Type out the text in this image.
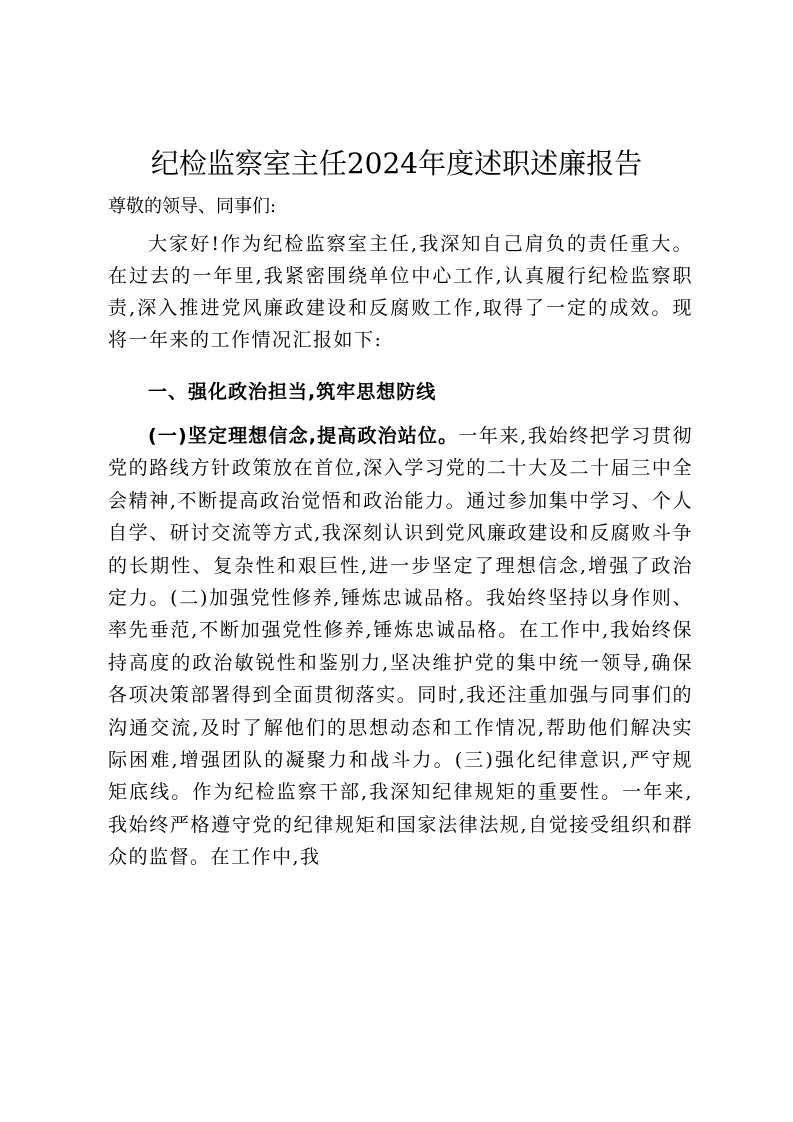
纪检监察室主任2024年度述职述廉报告

尊敬的领导、同事们:

大家好!作为纪检监察室主任,我深知自己肩负的责任重大。在过去的一年里,我紧密围绕单位中心工作,认真履行纪检监察职责,深入推进党风廉政建设和反腐败工作,取得了一定的成效。现将一年来的工作情况汇报如下:

一、强化政治担当,筑牢思想防线

(一)坚定理想信念,提高政治站位。一年来,我始终把学习贯彻党的路线方针政策放在首位,深入学习党的二十大及二十届三中全会精神,不断提高政治觉悟和政治能力。通过参加集中学习、个人自学、研讨交流等方式,我深刻认识到党风廉政建设和反腐败斗争的长期性、复杂性和艰巨性,进一步坚定了理想信念,增强了政治定力。(二)加强党性修养,锤炼忠诚品格。我始终坚持以身作则、率先垂范,不断加强党性修养,锤炼忠诚品格。在工作中,我始终保持高度的政治敏锐性和鉴别力,坚决维护党的集中统一领导,确保各项决策部署得到全面贯彻落实。同时,我还注重加强与同事们的沟通交流,及时了解他们的思想动态和工作情况,帮助他们解决实际困难,增强团队的凝聚力和战斗力。(三)强化纪律意识,严守规矩底线。作为纪检监察干部,我深知纪律规矩的重要性。一年来,我始终严格遵守党的纪律规矩和国家法律法规,自觉接受组织和群众的监督。在工作中,我
